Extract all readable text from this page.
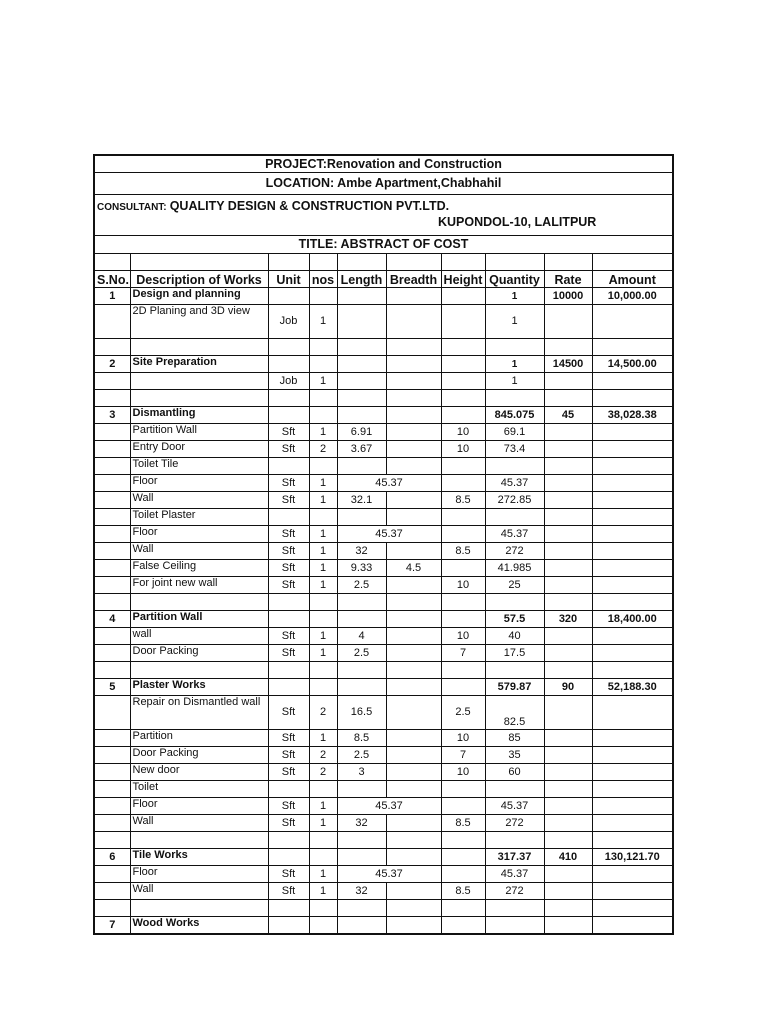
PROJECT:Renovation and Construction									
LOCATION: Ambe Apartment,Chabhahil									
CONSULTANT: QUALITY DESIGN & CONSTRUCTION PVT.LTD.
KUPONDOL-10, LALITPUR									
TITLE: ABSTRACT OF COST									

S.No.	Description of Works	Unit	nos	Length	Breadth	Height	Quantity	Rate	Amount
1	Design and planning						1	10000	10,000.00
	2D Planing and 3D view	Job	1				1		

2	Site Preparation						1	14500	14,500.00
		Job	1				1		

3	Dismantling						845.075	45	38,028.38
	Partition Wall	Sft	1	6.91		10	69.1		
	Entry Door	Sft	2	3.67		10	73.4		
	Toilet Tile								
	Floor	Sft	1	45.37			45.37		
	Wall	Sft	1	32.1		8.5	272.85		
	Toilet Plaster								
	Floor	Sft	1	45.37			45.37		
	Wall	Sft	1	32		8.5	272		
	False Ceiling	Sft	1	9.33	4.5		41.985		
	For joint new wall	Sft	1	2.5		10	25		

4	Partition Wall						57.5	320	18,400.00
	wall	Sft	1	4		10	40		
	Door Packing	Sft	1	2.5		7	17.5		

5	Plaster Works						579.87	90	52,188.30
	Repair on Dismantled wall	Sft	2	16.5		2.5	82.5		
	Partition	Sft	1	8.5		10	85		
	Door Packing	Sft	2	2.5		7	35		
	New door	Sft	2	3		10	60		
	Toilet								
	Floor	Sft	1	45.37			45.37		
	Wall	Sft	1	32		8.5	272		

6	Tile Works						317.37	410	130,121.70
	Floor	Sft	1	45.37			45.37		
	Wall	Sft	1	32		8.5	272		

7	Wood Works								
